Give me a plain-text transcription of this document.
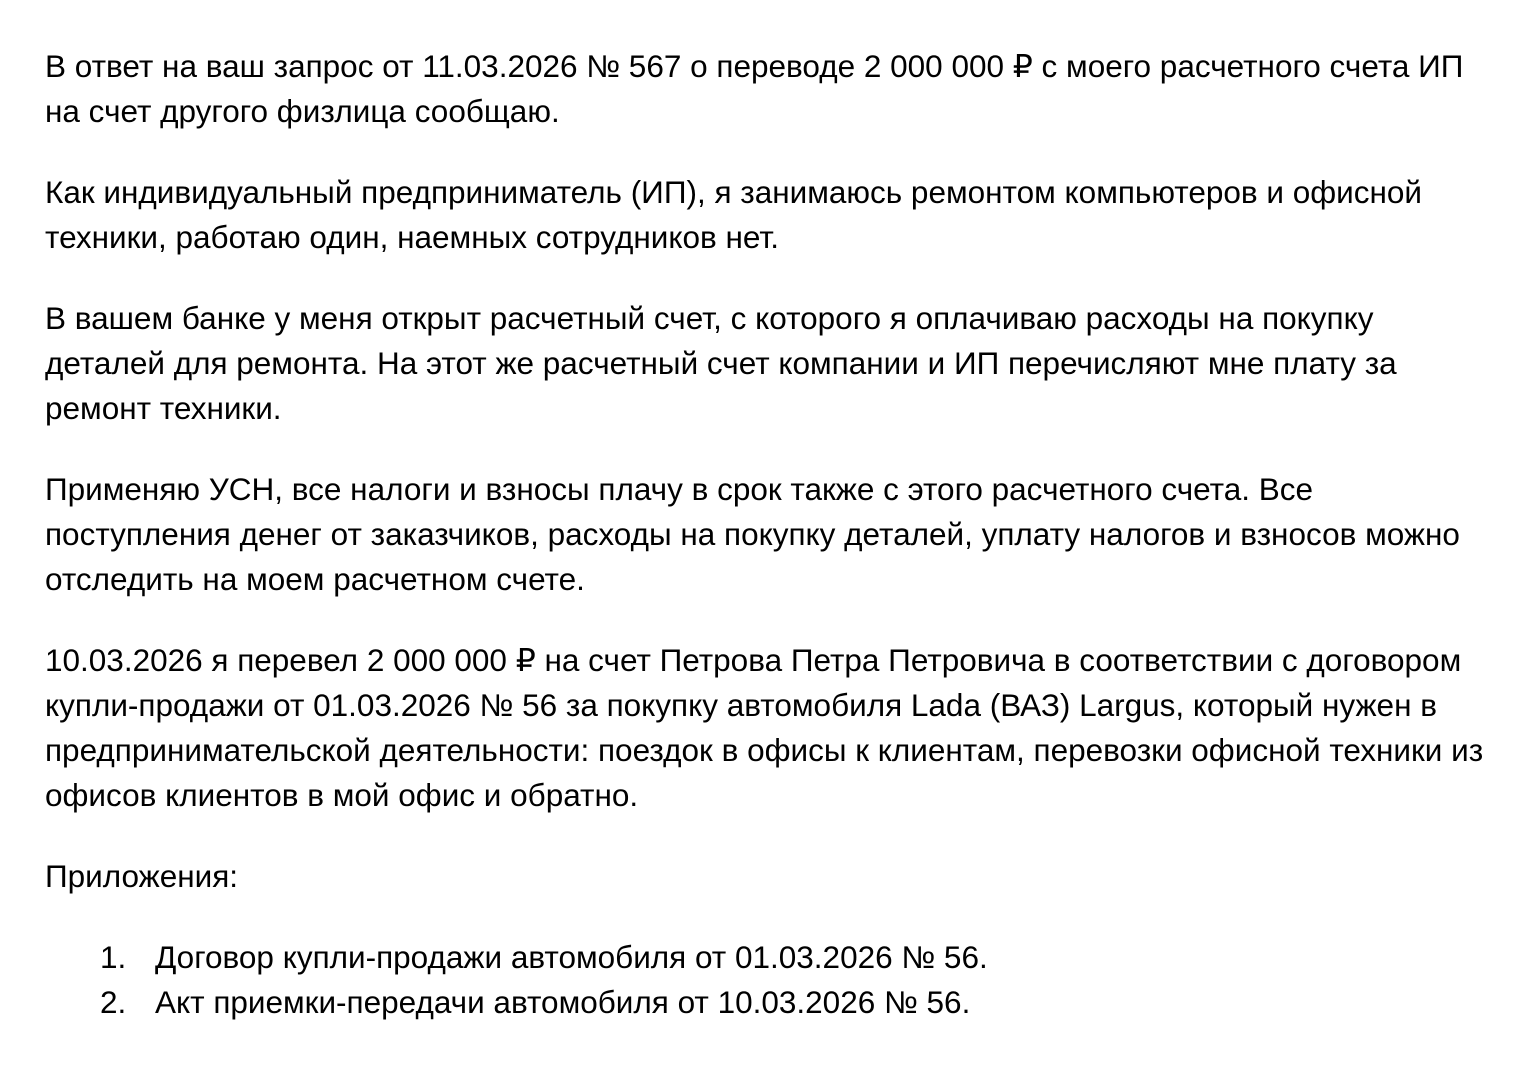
В ответ на ваш запрос от 11.03.2026 № 567 о переводе 2 000 000 ₽ с моего расчетного счета ИП на счет другого физлица сообщаю.

Как индивидуальный предприниматель (ИП), я занимаюсь ремонтом компьютеров и офисной техники, работаю один, наемных сотрудников нет.

В вашем банке у меня открыт расчетный счет, с которого я оплачиваю расходы на покупку деталей для ремонта. На этот же расчетный счет компании и ИП перечисляют мне плату за ремонт техники.

Применяю УСН, все налоги и взносы плачу в срок также с этого расчетного счета. Все поступления денег от заказчиков, расходы на покупку деталей, уплату налогов и взносов можно отследить на моем расчетном счете.

10.03.2026 я перевел 2 000 000 ₽ на счет Петрова Петра Петровича в соответствии с договором купли-продажи от 01.03.2026 № 56 за покупку автомобиля Lada (ВАЗ) Largus, который нужен в предпринимательской деятельности: поездок в офисы к клиентам, перевозки офисной техники из офисов клиентов в мой офис и обратно.

Приложения:

1. Договор купли-продажи автомобиля от 01.03.2026 № 56.
2. Акт приемки-передачи автомобиля от 10.03.2026 № 56.
